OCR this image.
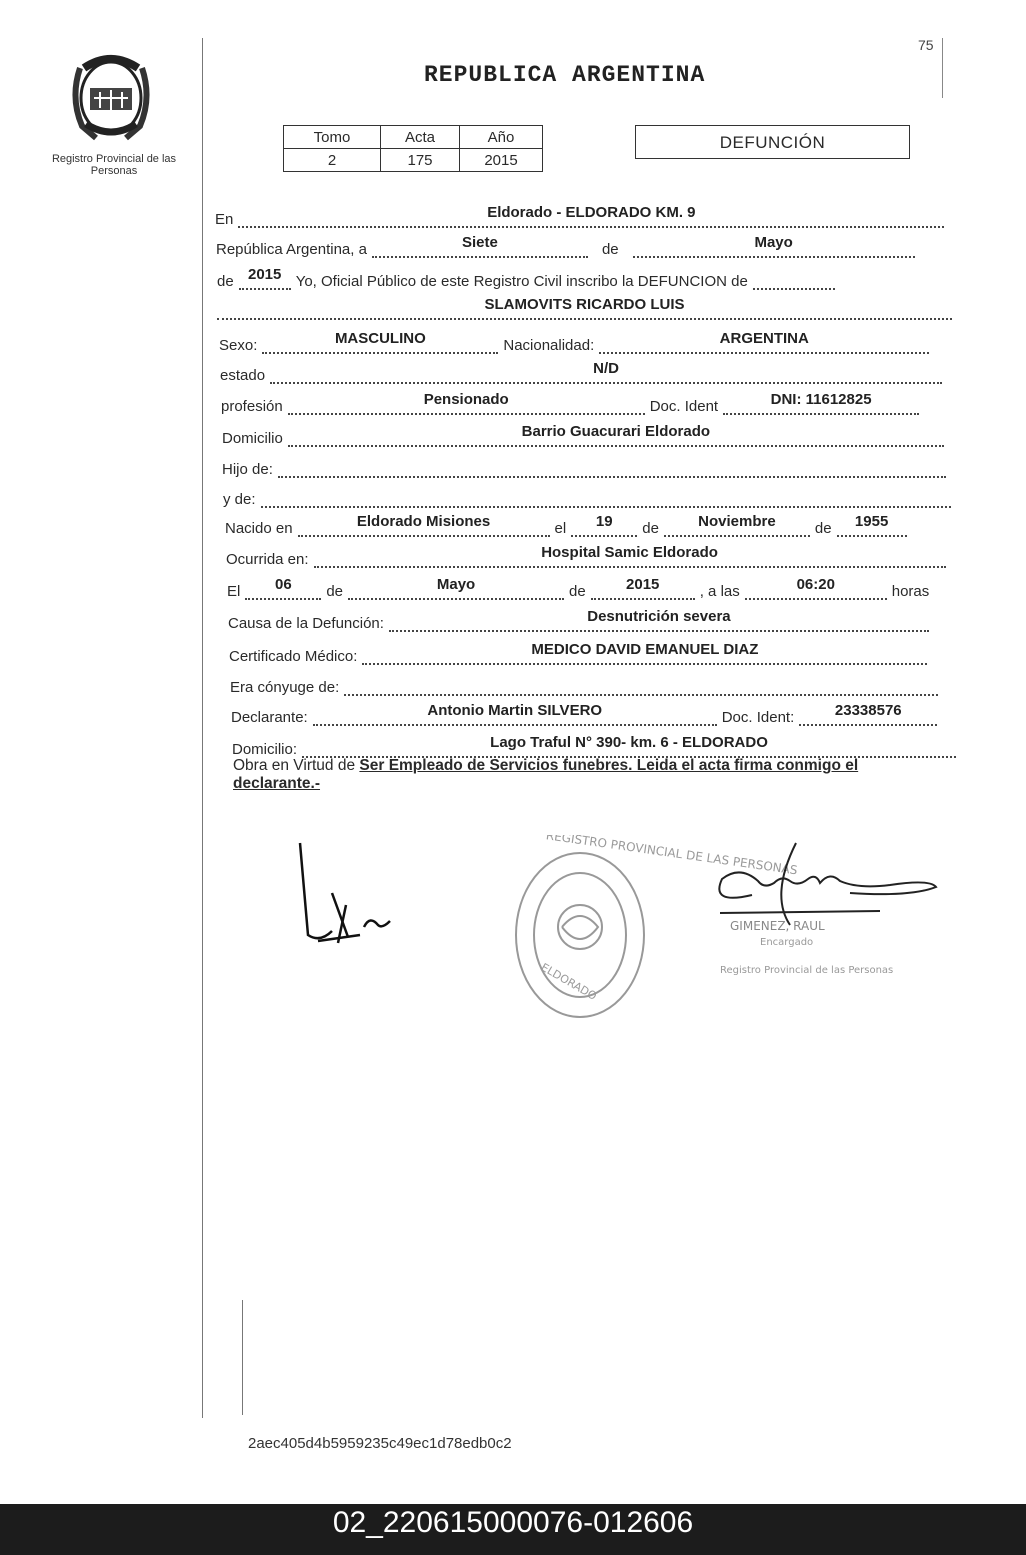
Registro Provincial de las Personas
75
REPUBLICA ARGENTINA
Tomo	Acta	Año
2	175	2015
DEFUNCIÓN
En	Eldorado - ELDORADO KM. 9
República Argentina, a	Siete	de	Mayo
de 2015 Yo, Oficial Público de este Registro Civil inscribo la DEFUNCION de
SLAMOVITS RICARDO LUIS
Sexo:	MASCULINO	Nacionalidad:	ARGENTINA
estado	N/D
profesión	Pensionado	Doc. Ident	DNI: 11612825
Domicilio	Barrio Guacurari Eldorado
Hijo de:
y de:
Nacido en	Eldorado Misiones	el	19	de	Noviembre	de	1955
Ocurrida en:	Hospital Samic Eldorado
El	06	de	Mayo	de	2015	, a las	06:20	horas
Causa de la Defunción:	Desnutrición severa
Certificado Médico:	MEDICO DAVID EMANUEL DIAZ
Era cónyuge de:
Declarante:	Antonio Martin SILVERO	Doc. Ident:	23338576
Domicilio:	Lago Traful N° 390- km. 6 - ELDORADO
Obra en Virtud de Ser Empleado de Servicios funebres. Leida el acta firma conmigo el
declarante.-
REGISTRO PROVINCIAL DE LAS PERSONAS
ELDORADO
GIMENEZ, RAUL
Encargado
Registro Provincial de las Personas
2aec405d4b5959235c49ec1d78edb0c2
02_220615000076-012606
